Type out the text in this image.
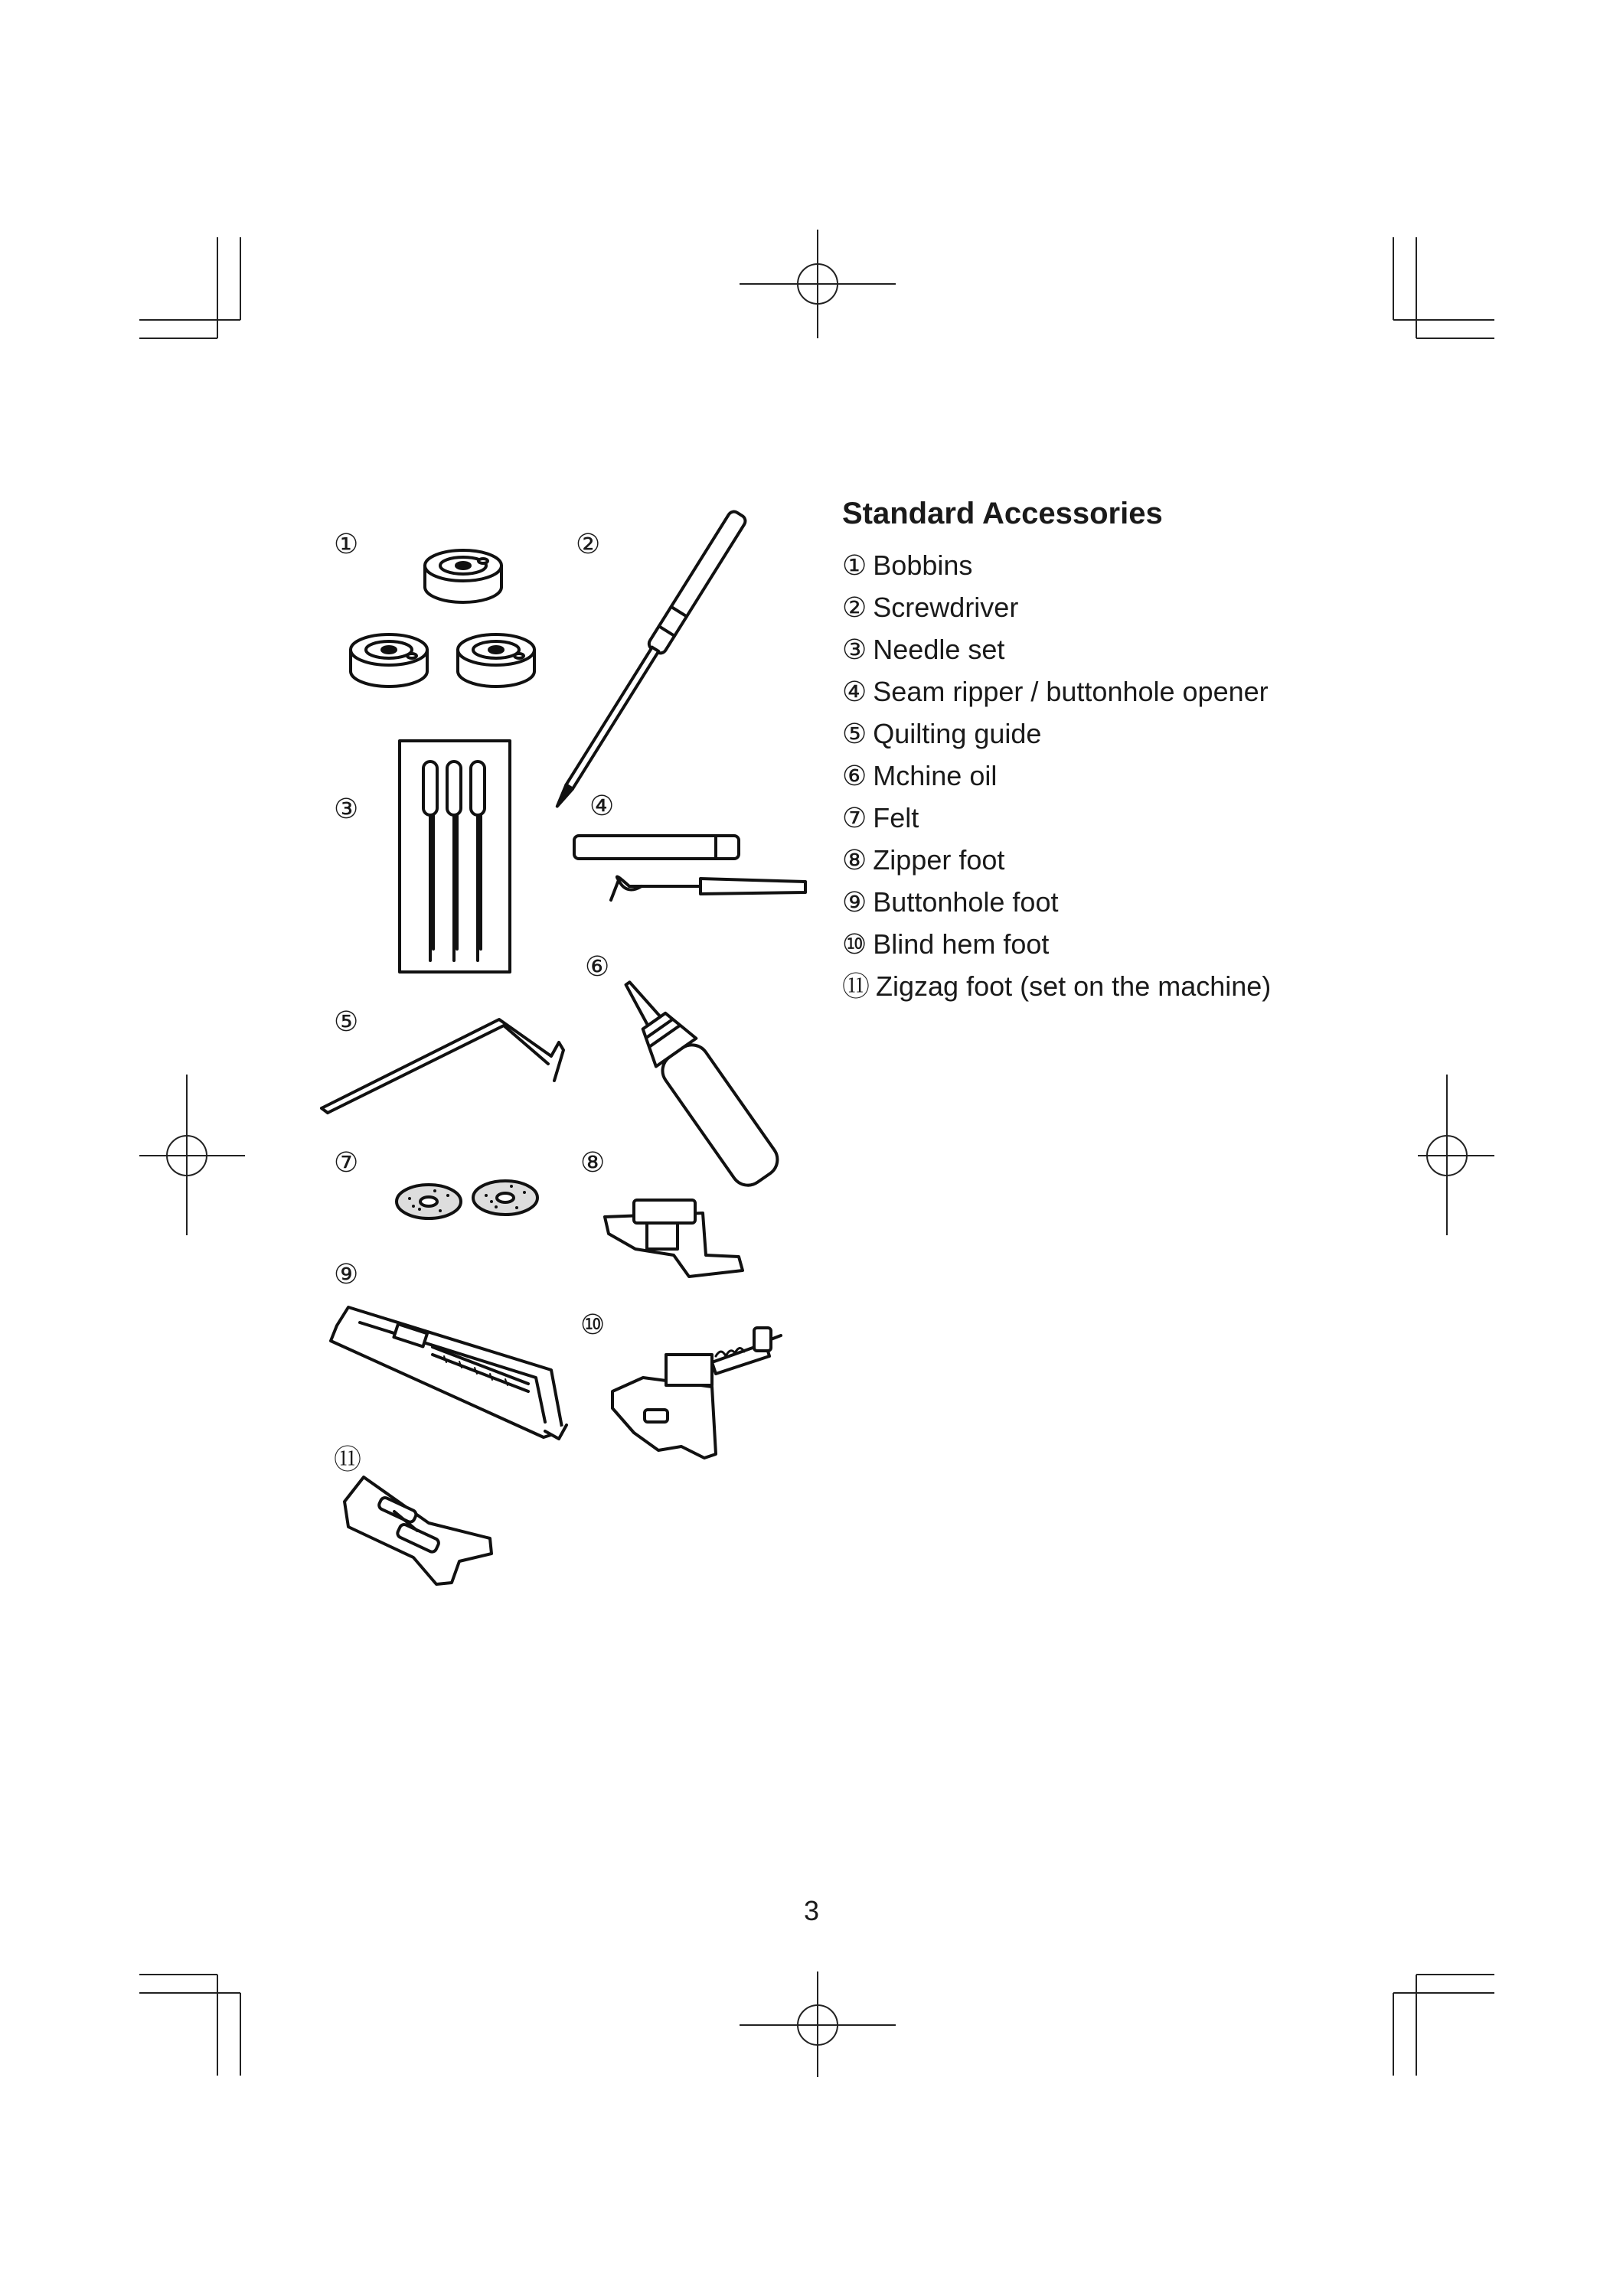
①	②
③	④
⑤
⑥
⑦	⑧
⑨
⑩
⑪
Standard Accessories
① Bobbins
② Screwdriver
③ Needle set
④ Seam ripper / buttonhole opener
⑤ Quilting guide
⑥ Mchine oil
⑦ Felt
⑧ Zipper foot
⑨ Buttonhole foot
⑩ Blind hem foot
⑪ Zigzag foot (set on the machine)
3
